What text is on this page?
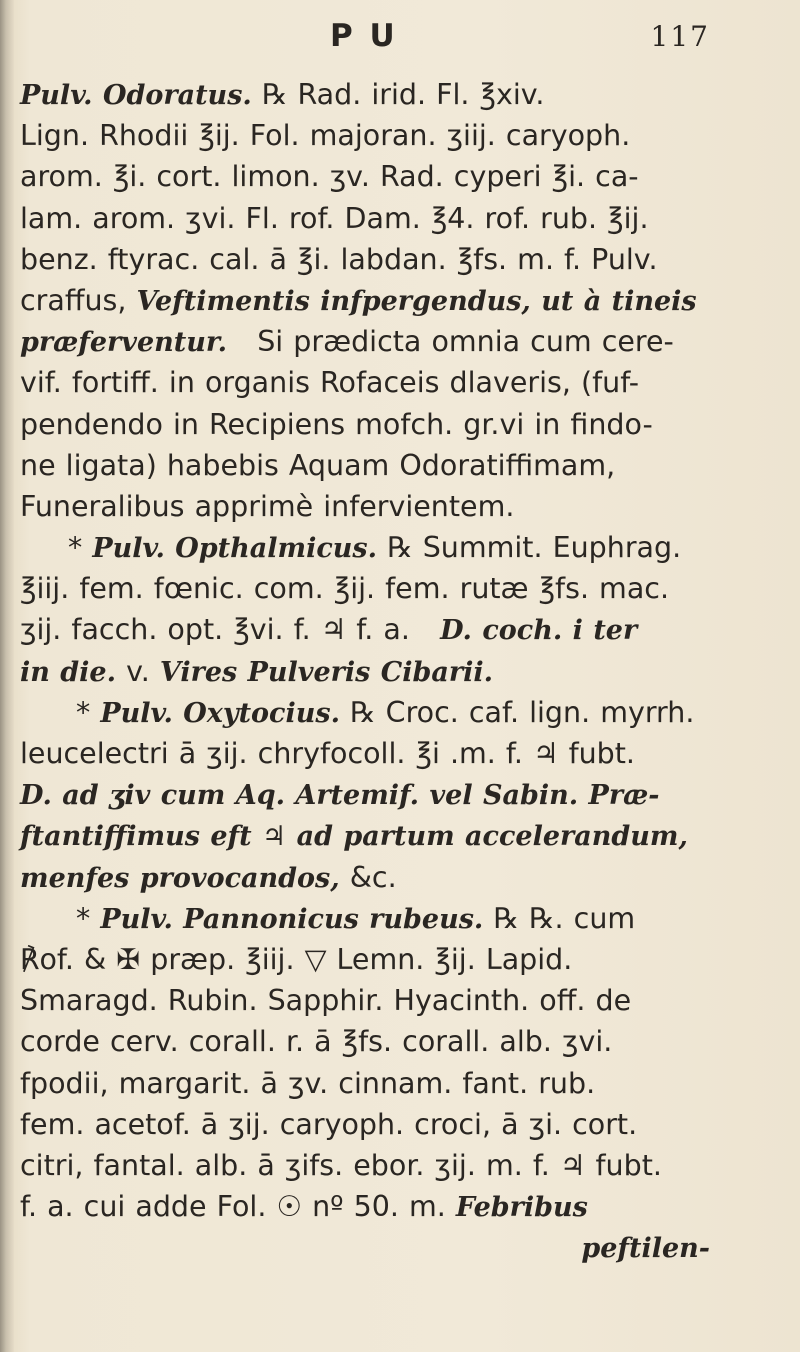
P U	117
Pulv. Odoratus. ℞ Rad. irid. Fl. ℥xiv.
Lign. Rhodii ℥ij. Fol. majoran. ʒiij. caryoph.
arom. ℥i. cort. limon. ʒv. Rad. cyperi ℥i. ca-
lam. arom. ʒvi. Fl. rof. Dam. ℥4. rof. rub. ℥ij.
benz. ftyrac. cal. ā ℥i. labdan. ℥fs. m. f. Pulv.
craffus, Veftimentis infpergendus, ut à tineis
præferventur.   Si prædicta omnia cum cere-
vif. fortiff. in organis Rofaceis dlaveris, (fuf-
pendendo in Recipiens mofch. gr.vi in findo-
ne ligata) habebis Aquam Odoratiffimam,
Funeralibus apprimè infervientem.
* Pulv. Opthalmicus. ℞ Summit. Euphrag.
℥iij. fem. fœnic. com. ℥ij. fem. rutæ ℥fs. mac.
ʒij. facch. opt. ℥vi. f. ♃ f. a.   D. coch. i ter
in die. v. Vires Pulveris Cibarii.
* Pulv. Oxytocius. ℞ Croc. caf. lign. myrrh.
leucelectri ā ʒij. chryfocoll. ℥i .m. f. ♃ fubt.
D. ad ʒiv cum Aq. Artemif. vel Sabin. Præ-
ftantiffimus eft ♃ ad partum accelerandum,
menfes provocandos, &c.
* Pulv. Pannonicus rubeus. ℞ ℞. cum
℟of. & ✠ præp. ℥iij. ▽ Lemn. ℥ij. Lapid.
Smaragd. Rubin. Sapphir. Hyacinth. off. de
corde cerv. corall. r. ā ℥fs. corall. alb. ʒvi.
fpodii, margarit. ā ʒv. cinnam. fant. rub.
fem. acetof. ā ʒij. caryoph. croci, ā ʒi. cort.
citri, fantal. alb. ā ʒifs. ebor. ʒij. m. f. ♃ fubt.
f. a. cui adde Fol. ☉ nº 50. m. Febribus
peftilen-
